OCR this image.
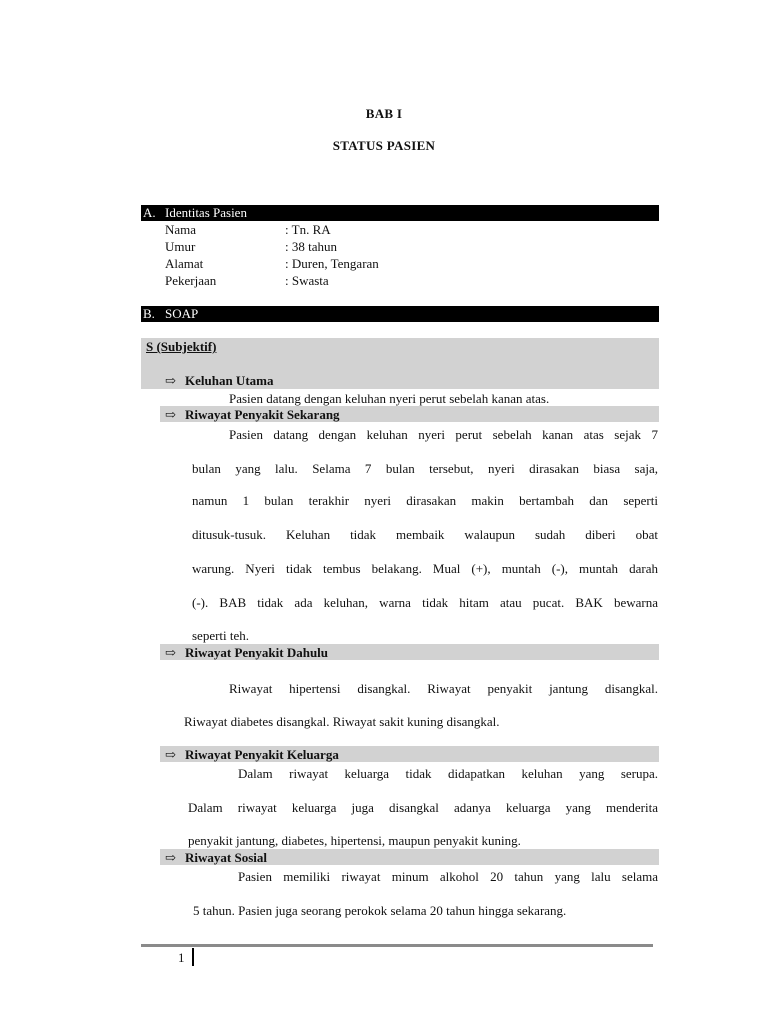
BAB I
STATUS PASIEN
A. Identitas Pasien
Nama	: Tn. RA
Umur	: 38 tahun
Alamat	: Duren, Tengaran
Pekerjaan	: Swasta
B. SOAP
S (Subjektif)
⇨ Keluhan Utama
Pasien datang dengan keluhan nyeri perut sebelah kanan atas.
⇨ Riwayat Penyakit Sekarang
Pasien datang dengan keluhan nyeri perut sebelah kanan atas sejak 7
bulan yang lalu. Selama 7 bulan tersebut, nyeri dirasakan biasa saja,
namun 1 bulan terakhir nyeri dirasakan makin bertambah dan seperti
ditusuk-tusuk. Keluhan tidak membaik walaupun sudah diberi obat
warung. Nyeri tidak tembus belakang. Mual (+), muntah (-), muntah darah
(-). BAB tidak ada keluhan, warna tidak hitam atau pucat. BAK bewarna
seperti teh.
⇨ Riwayat Penyakit Dahulu
Riwayat hipertensi disangkal. Riwayat penyakit jantung disangkal.
Riwayat diabetes disangkal. Riwayat sakit kuning disangkal.
⇨ Riwayat Penyakit Keluarga
Dalam riwayat keluarga tidak didapatkan keluhan yang serupa.
Dalam riwayat keluarga juga disangkal adanya keluarga yang menderita
penyakit jantung, diabetes, hipertensi, maupun penyakit kuning.
⇨ Riwayat Sosial
Pasien memiliki riwayat minum alkohol 20 tahun yang lalu selama
5 tahun. Pasien juga seorang perokok selama 20 tahun hingga sekarang.
1
